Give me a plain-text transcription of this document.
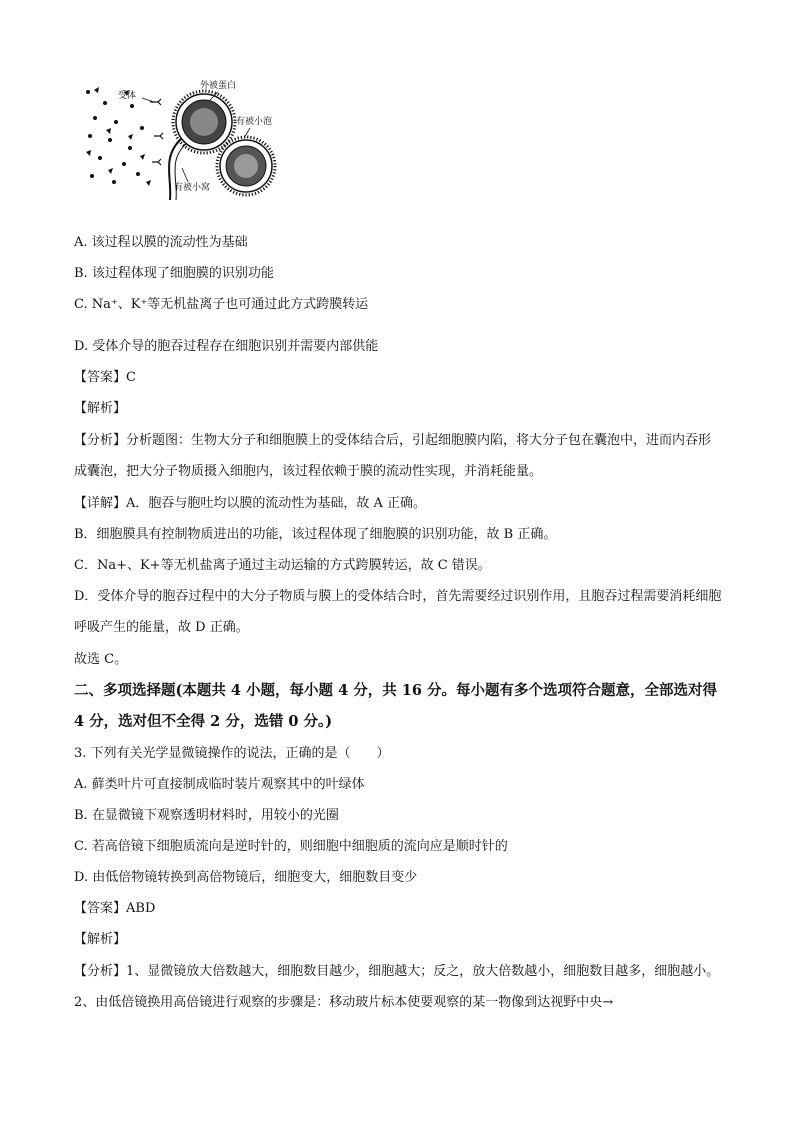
受体
外被蛋白
有被小泡
有被小窝
A. 该过程以膜的流动性为基础
B. 该过程体现了细胞膜的识别功能
C. Na⁺、K⁺等无机盐离子也可通过此方式跨膜转运
D. 受体介导的胞吞过程存在细胞识别并需要内部供能
【答案】C
【解析】
【分析】分析题图：生物大分子和细胞膜上的受体结合后，引起细胞膜内陷，将大分子包在囊泡中，进而内吞形成囊泡，把大分子物质摄入细胞内，该过程依赖于膜的流动性实现，并消耗能量。
【详解】A．胞吞与胞吐均以膜的流动性为基础，故 A 正确。
B．细胞膜具有控制物质进出的功能，该过程体现了细胞膜的识别功能，故 B 正确。
C．Na+、K+等无机盐离子通过主动运输的方式跨膜转运，故 C 错误。
D．受体介导的胞吞过程中的大分子物质与膜上的受体结合时，首先需要经过识别作用，且胞吞过程需要消耗细胞呼吸产生的能量，故 D 正确。
故选 C。
二、多项选择题(本题共 4 小题，每小题 4 分，共 16 分。每小题有多个选项符合题意，全部选对得 4 分，选对但不全得 2 分，选错 0 分。)
3. 下列有关光学显微镜操作的说法，正确的是（　　）
A. 藓类叶片可直接制成临时装片观察其中的叶绿体
B. 在显微镜下观察透明材料时，用较小的光圈
C. 若高倍镜下细胞质流向是逆时针的，则细胞中细胞质的流向应是顺时针的
D. 由低倍物镜转换到高倍物镜后，细胞变大，细胞数目变少
【答案】ABD
【解析】
【分析】1、显微镜放大倍数越大，细胞数目越少，细胞越大；反之，放大倍数越小，细胞数目越多，细胞越小。2、由低倍镜换用高倍镜进行观察的步骤是：移动玻片标本使要观察的某一物像到达视野中央→
